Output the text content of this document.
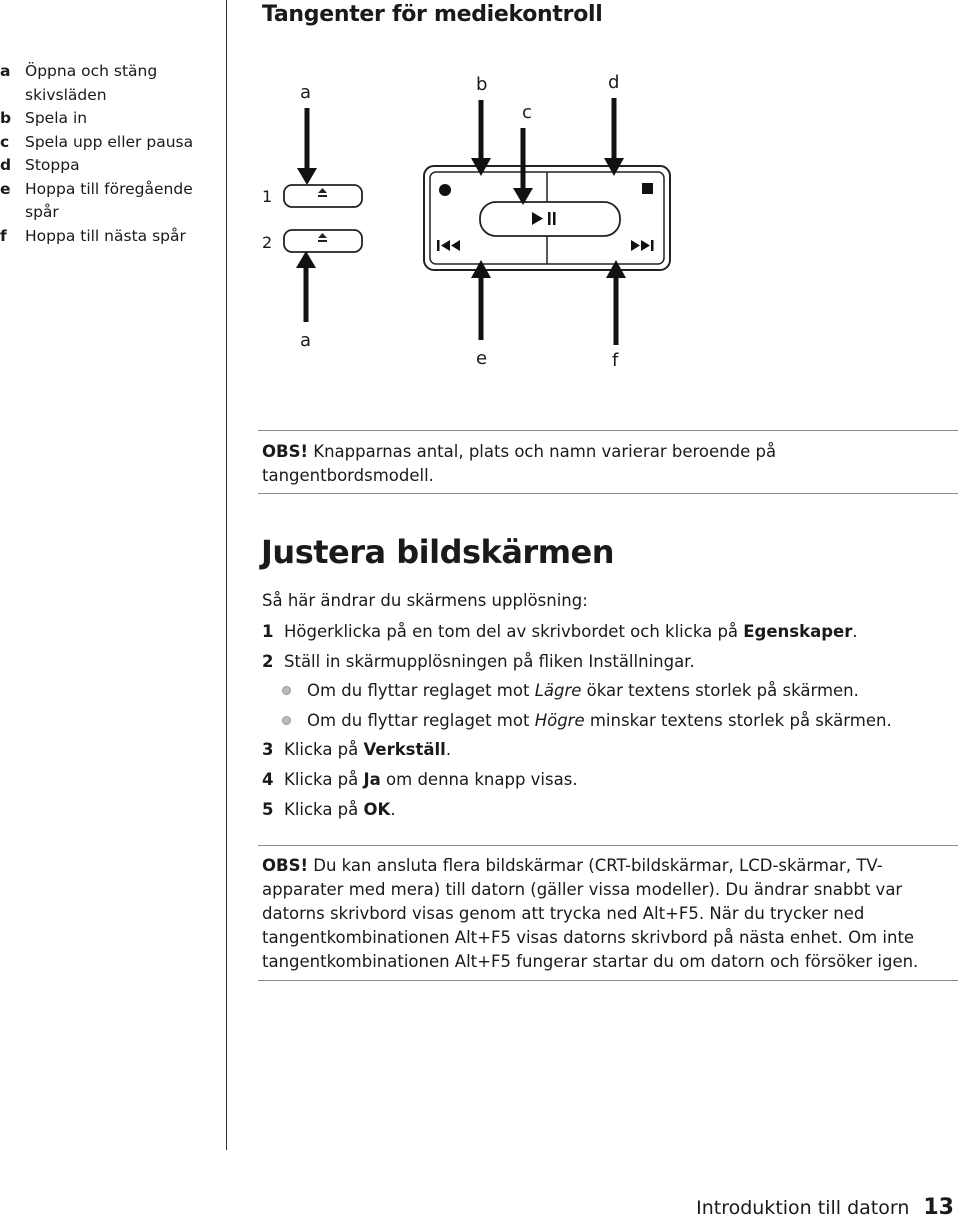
Tangenter för mediekontroll
a Öppna och stäng skivsläden
b Spela in
c	Spela upp eller pausa
d Stoppa
e Hoppa till föregående spår
f	Hoppa till nästa spår
a	b
c
d
1
2
a
e	f
OBS! Knapparnas antal, plats och namn varierar beroende på tangentbordsmodell.
Justera bildskärmen
Så här ändrar du skärmens upplösning:
1 Högerklicka på en tom del av skrivbordet och klicka på Egenskaper.
2 Ställ in skärmupplösningen på fliken Inställningar.
Om du flyttar reglaget mot Lägre ökar textens storlek på skärmen.
Om du flyttar reglaget mot Högre minskar textens storlek på skärmen.
3 Klicka på Verkställ.
4 Klicka på Ja om denna knapp visas.
5 Klicka på OK.
OBS! Du kan ansluta flera bildskärmar (CRT-bildskärmar, LCD-skärmar, TV-apparater med mera) till datorn (gäller vissa modeller). Du ändrar snabbt var datorns skrivbord visas genom att trycka ned Alt+F5. När du trycker ned tangentkombinationen Alt+F5 visas datorns skrivbord på nästa enhet. Om inte tangentkombinationen Alt+F5 fungerar startar du om datorn och försöker igen.
Introduktion till datorn 13
